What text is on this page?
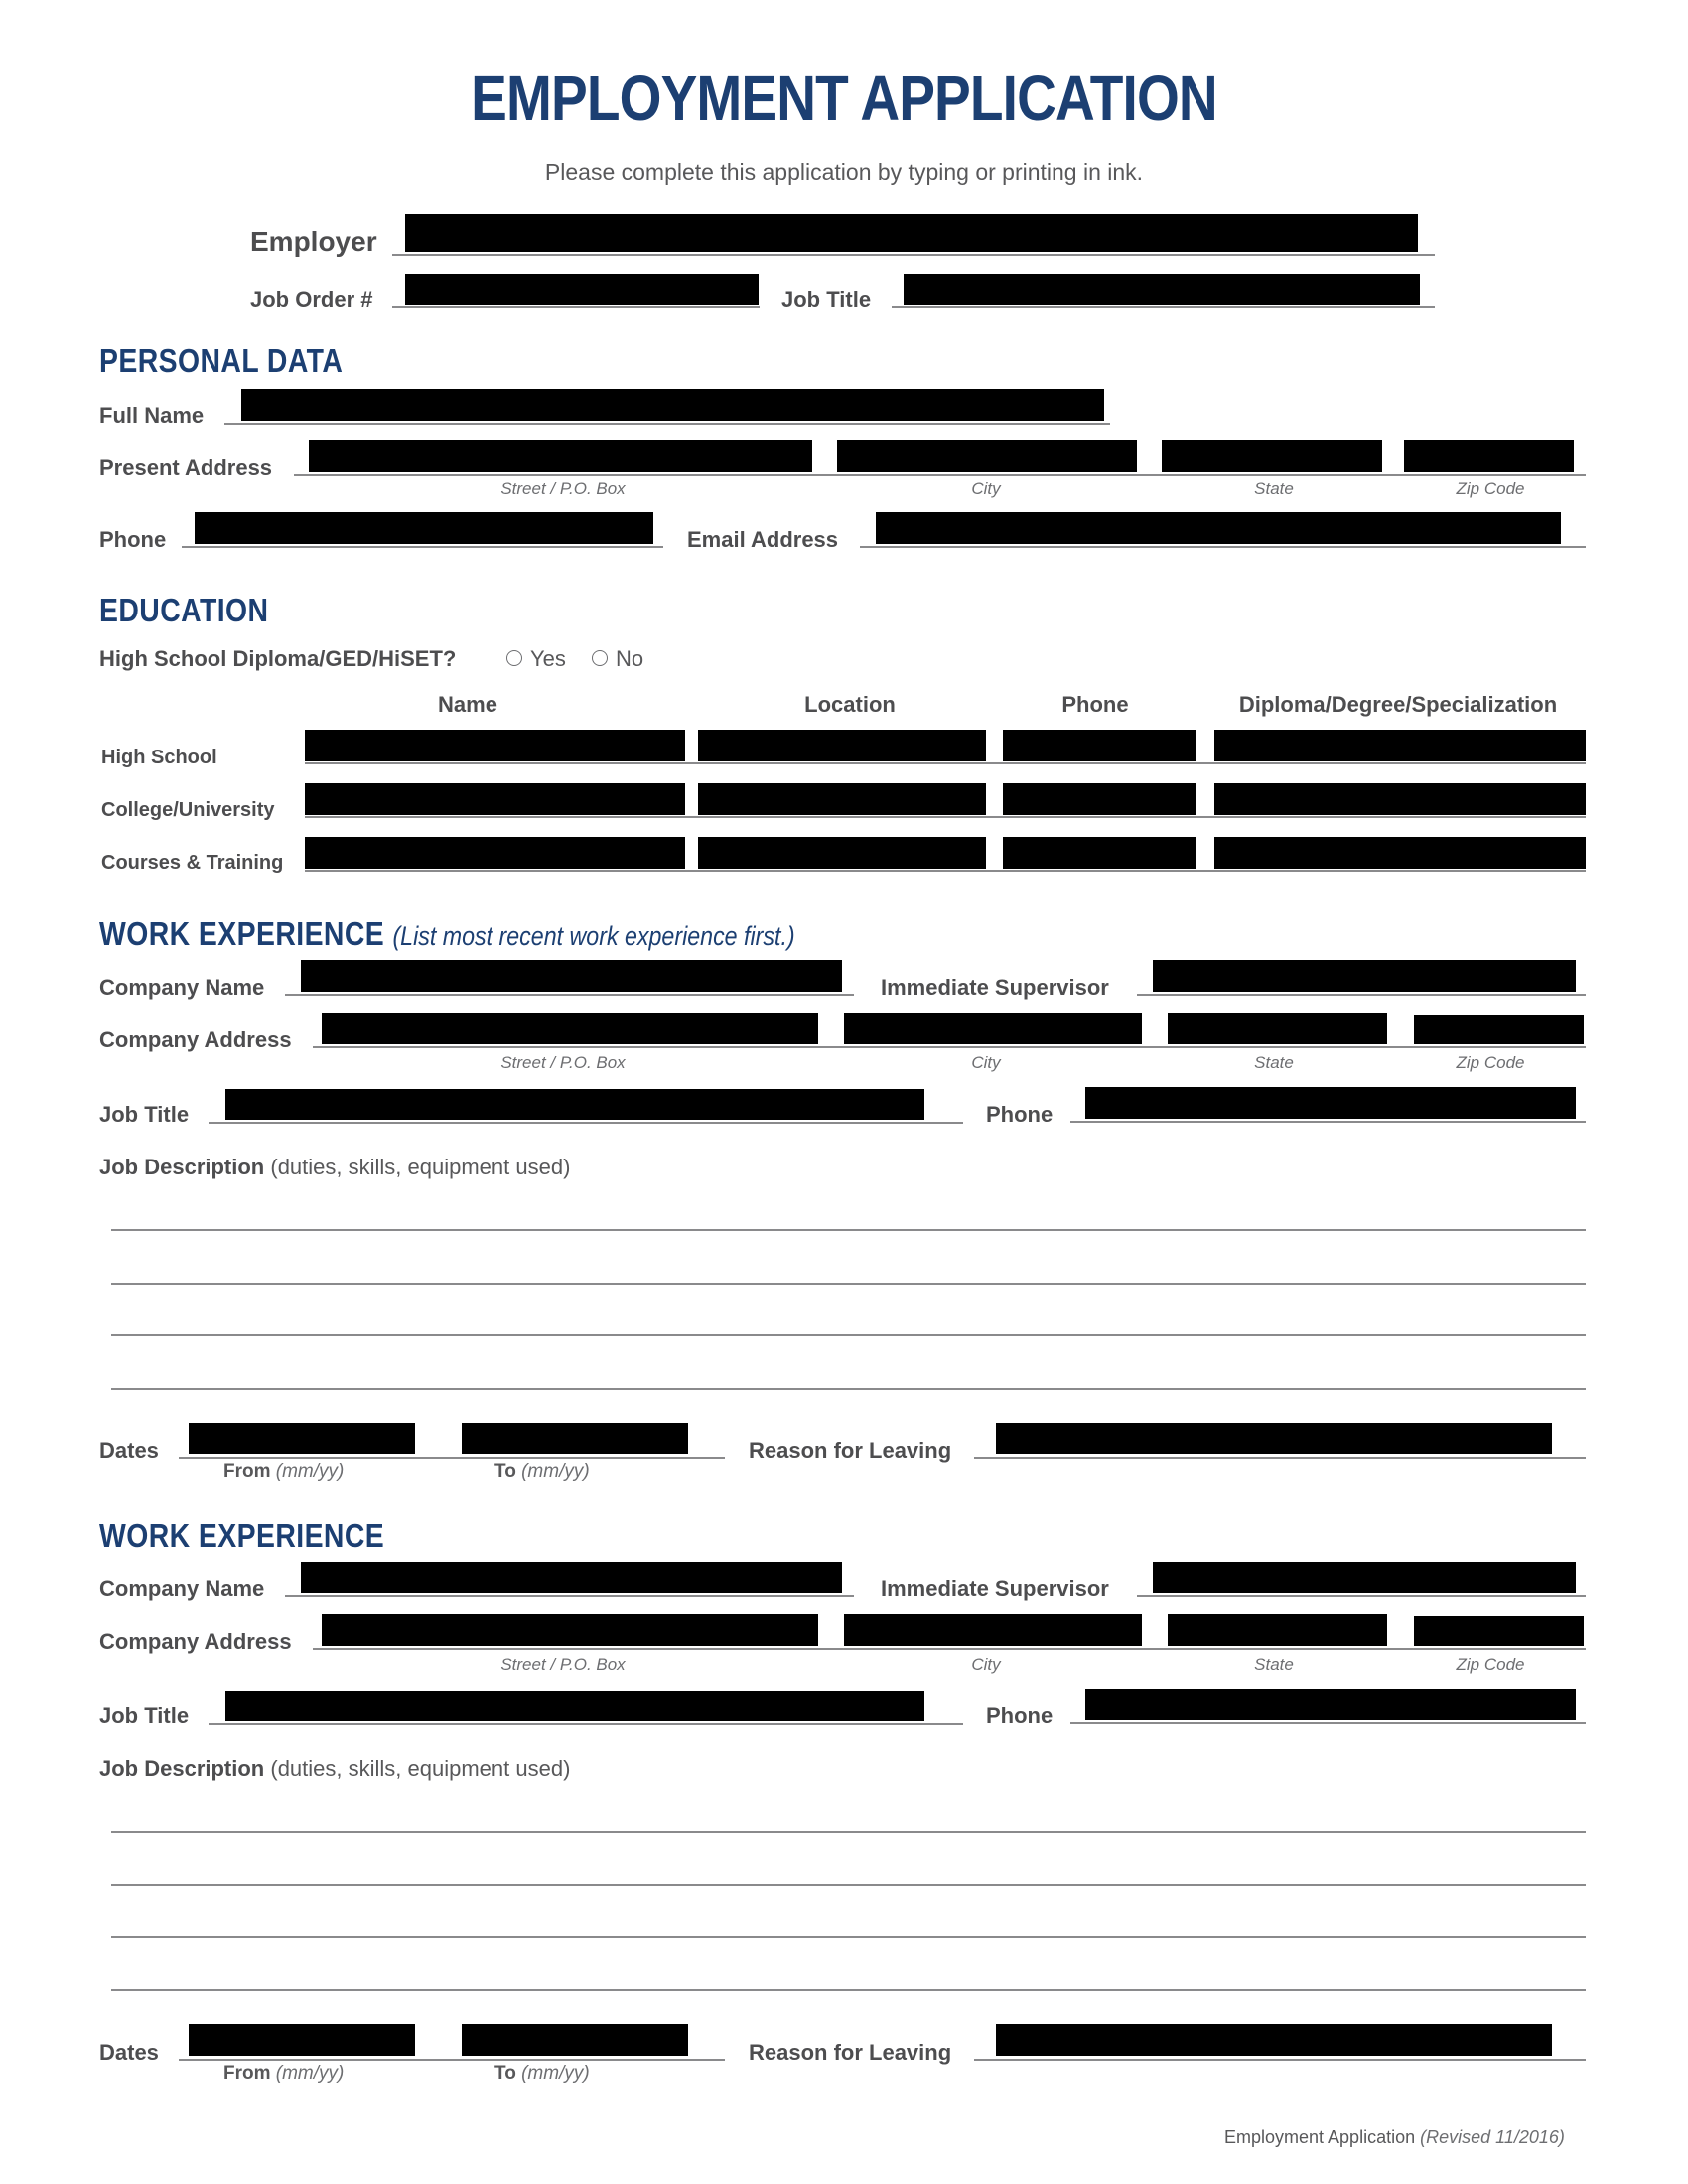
EMPLOYMENT APPLICATION
Please complete this application by typing or printing in ink.
Employer
Job Order #	Job Title
PERSONAL DATA
Full Name
Present Address
Street / P.O. Box	City	State	Zip Code
Phone	Email Address
EDUCATION
High School Diploma/GED/HiSET?	Yes No
Name	Location	Phone	Diploma/Degree/Specialization
High School
College/University
Courses & Training
WORK EXPERIENCE (List most recent work experience first.)
Company Name	Immediate Supervisor
Company Address
Street / P.O. Box	City	State	Zip Code
Job Title	Phone
Job Description (duties, skills, equipment used)
Dates
From (mm/yy)	To (mm/yy)
Reason for Leaving
WORK EXPERIENCE
Company Name	Immediate Supervisor
Company Address
Street / P.O. Box	City	State	Zip Code
Job Title	Phone
Job Description (duties, skills, equipment used)
Dates
From (mm/yy)	To (mm/yy)
Reason for Leaving
Employment Application (Revised 11/2016)
